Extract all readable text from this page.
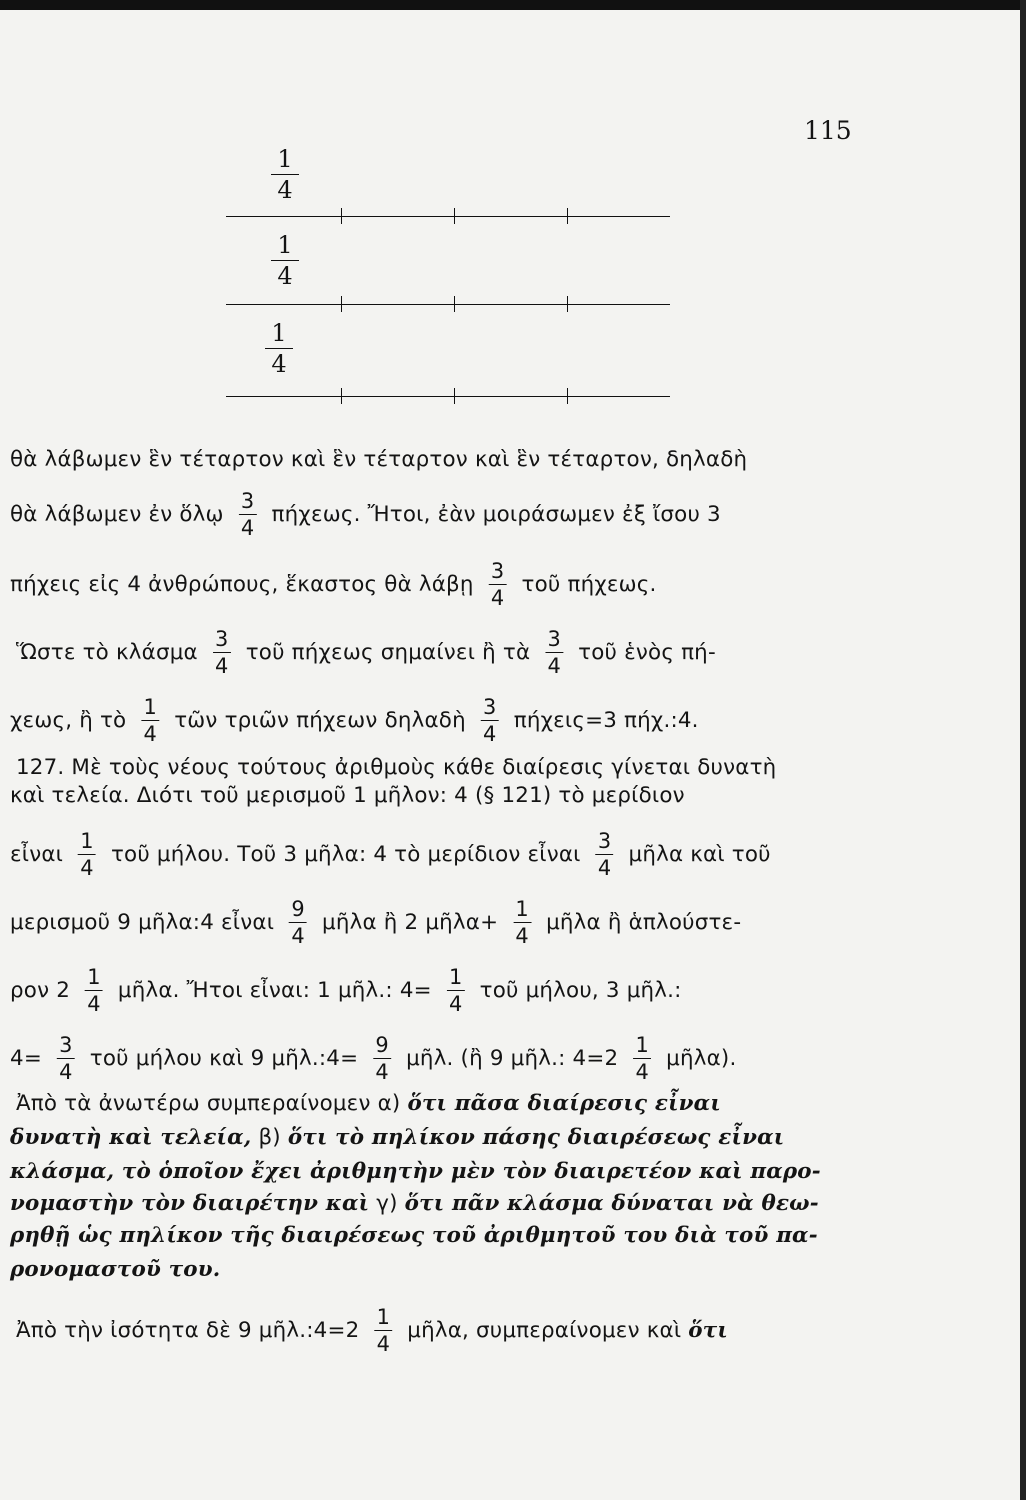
115
1
4
1
4
1
4
θὰ λάβωμεν ἓν τέταρτον καὶ ἓν τέταρτον καὶ ἓν τέταρτον, δηλαδὴ
θὰ λάβωμεν ἐν ὅλῳ $\frac{3}{4} \pi ή\chi\varepsilon\omega\varsigma$. Ἤτοι, ἐὰν μοιράσωμεν ἐξ ἴσου 3
πήχεις εἰς 4 ἀνθρώπους, ἕκαστος θὰ λάβῃ $\frac{3}{4}$ τοῦ πήχεως.
Ὥστε τὸ κλάσμα $\frac{3}{4}$ τοῦ πήχεως σημαίνει ἢ τὰ $\frac{3}{4}$ τοῦ ἑνὸς πή-
χεως, ἢ τὸ $\frac{1}{4}$ τῶν τριῶν πήχεων δηλαδὴ $\frac{3}{4} \pi ή\chi\varepsilon\iota\varsigma=3$ πήχ.:4.
127. Μὲ τοὺς νέους τούτους ἀριθμοὺς κάθε διαίρεσις γίνεται δυνατὴ
καὶ τελεία. Διότι τοῦ μερισμοῦ 1 μῆλον: 4 (§ 121) τὸ μερίδιον
εἶναι $\frac{1}{4}$ τοῦ μήλου. Τοῦ 3 μῆλα: 4 τὸ μερίδιον εἶναι $\frac{3}{4}$ μῆλα καὶ τοῦ
μερισμοῦ 9 μῆλα:4 εἶναι $\frac{9}{4}$ μῆλα ἢ 2 μῆλα+ $\frac{1}{4}$ μῆλα ἢ ἁπλούστε-
ρον $2 \frac{1}{4}$ μῆλα. Ἤτοι εἶναι: 1 μῆλ.: $4= \frac{1}{4}$ τοῦ μήλου, 3 μῆλ.:
$4= \frac{3}{4}$ τοῦ μήλου καὶ 9 μῆλ.:4= $\frac{9}{4}$ μῆλ. (ἢ 9 μῆλ.: $4=2 \frac{1}{4}$ μῆλα).
Ἀπὸ τὰ ἀνωτέρω συμπεραίνομεν α) ὅτι πᾶσα διαίρεσις εἶναι
δυνατὴ καὶ τελεία, β) ὅτι τὸ πηλίκον πάσης διαιρέσεως εἶναι
κλάσμα, τὸ ὁποῖον ἔχει ἀριθμητὴν μὲν τὸν διαιρετέον καὶ παρο-
νομαστὴν τὸν διαιρέτην καὶ γ) ὅτι πᾶν κλάσμα δύναται νὰ θεω-
ρηθῇ ὡς πηλίκον τῆς διαιρέσεως τοῦ ἀριθμητοῦ του διὰ τοῦ πα-
ρονομαστοῦ του.
Ἀπὸ τὴν ἰσότητα δὲ 9 μῆλ.:4=2 $\frac{1}{4}$ μῆλα, συμπεραίνομεν καὶ ὅτι
